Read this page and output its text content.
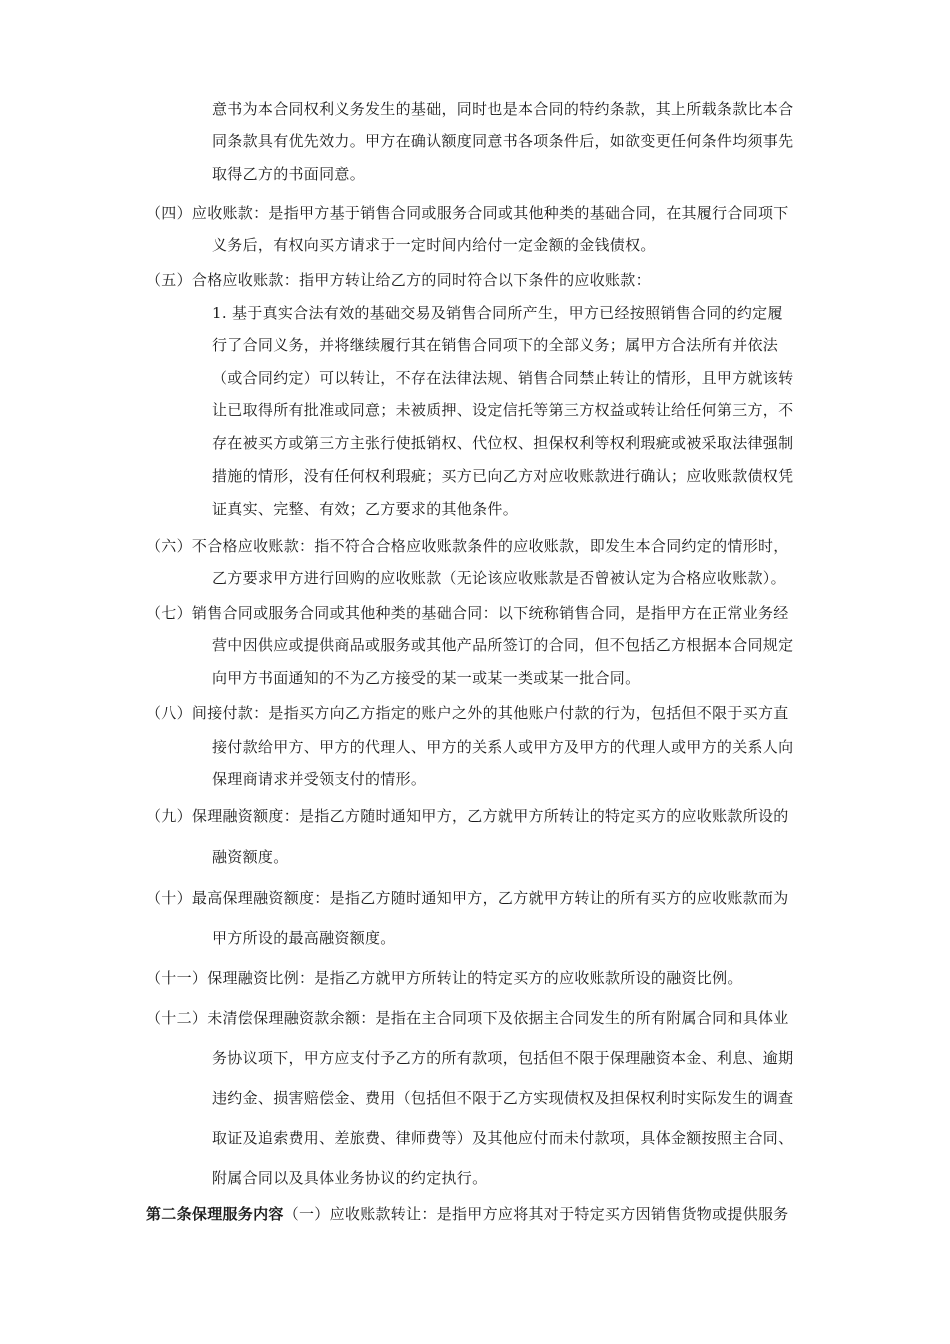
意书为本合同权利义务发生的基础，同时也是本合同的特约条款，其上所载条款比本合
同条款具有优先效力。甲方在确认额度同意书各项条件后，如欲变更任何条件均须事先
取得乙方的书面同意。
（四）应收账款：是指甲方基于销售合同或服务合同或其他种类的基础合同，在其履行合同项下
义务后，有权向买方请求于一定时间内给付一定金额的金钱债权。
（五）合格应收账款：指甲方转让给乙方的同时符合以下条件的应收账款：
1. 基于真实合法有效的基础交易及销售合同所产生，甲方已经按照销售合同的约定履
行了合同义务，并将继续履行其在销售合同项下的全部义务；属甲方合法所有并依法
（或合同约定）可以转让，不存在法律法规、销售合同禁止转让的情形，且甲方就该转
让已取得所有批准或同意；未被质押、设定信托等第三方权益或转让给任何第三方，不
存在被买方或第三方主张行使抵销权、代位权、担保权利等权利瑕疵或被采取法律强制
措施的情形，没有任何权利瑕疵；买方已向乙方对应收账款进行确认；应收账款债权凭
证真实、完整、有效；乙方要求的其他条件。
（六）不合格应收账款：指不符合合格应收账款条件的应收账款，即发生本合同约定的情形时，
乙方要求甲方进行回购的应收账款（无论该应收账款是否曾被认定为合格应收账款）。
（七）销售合同或服务合同或其他种类的基础合同：以下统称销售合同，是指甲方在正常业务经
营中因供应或提供商品或服务或其他产品所签订的合同，但不包括乙方根据本合同规定
向甲方书面通知的不为乙方接受的某一或某一类或某一批合同。
（八）间接付款：是指买方向乙方指定的账户之外的其他账户付款的行为，包括但不限于买方直
接付款给甲方、甲方的代理人、甲方的关系人或甲方及甲方的代理人或甲方的关系人向
保理商请求并受领支付的情形。
（九）保理融资额度：是指乙方随时通知甲方，乙方就甲方所转让的特定买方的应收账款所设的
融资额度。
（十）最高保理融资额度：是指乙方随时通知甲方，乙方就甲方转让的所有买方的应收账款而为
甲方所设的最高融资额度。
（十一）保理融资比例：是指乙方就甲方所转让的特定买方的应收账款所设的融资比例。
（十二）未清偿保理融资款余额：是指在主合同项下及依据主合同发生的所有附属合同和具体业
务协议项下，甲方应支付予乙方的所有款项，包括但不限于保理融资本金、利息、逾期
违约金、损害赔偿金、费用（包括但不限于乙方实现债权及担保权利时实际发生的调查
取证及追索费用、差旅费、律师费等）及其他应付而未付款项，具体金额按照主合同、
附属合同以及具体业务协议的约定执行。
第二条保理服务内容（一）应收账款转让：是指甲方应将其对于特定买方因销售货物或提供服务
